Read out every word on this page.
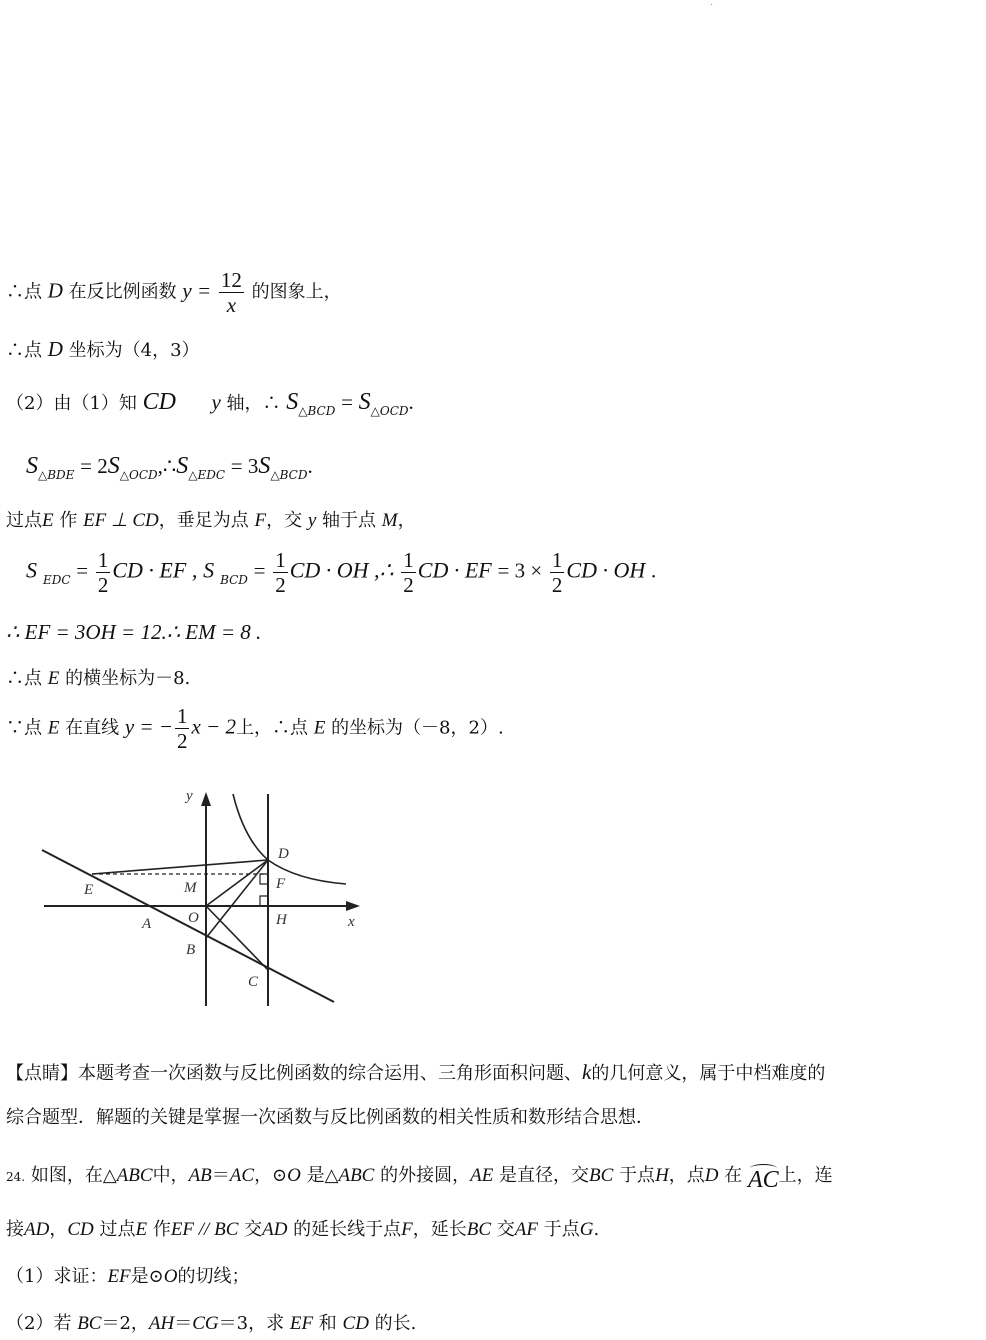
·
∴点 D 在反比例函数 $y = \frac{12}{x}$ 的图象上，
∴点 D 坐标为（4，3）
（2）由（1）知 CD y 轴，∴ $S_{\triangle BCD} = S_{\triangle OCD}$.
$S_{\triangle BDE}$ = $2S_{\triangle OCD},\therefore S_{\triangle EDC} = 3S_{\triangle BCD}$.
过点E 作 EF ⊥ CD，垂足为点 F，交 y 轴于点 M，
S $_{EDC} = \frac{1}{2}$ CD · EF , S $_{BCD} = \frac{1}{2}$ CD · OH ,∴ $\frac{1}{2}$ CD · EF = $3 \times \frac{1}{2}$ CD · OH .
∴ EF = 3OH = 12.∴ EM = 8 .
∴点 E 的横坐标为－8.
∵点 E 在直线 y = − $\frac{1}{2}$ x − 2上，∴点 E 的坐标为（－8，2）.
y
x
D
E	M	F
A O	H
B
C
【点睛】本题考查一次函数与反比例函数的综合运用、三角形面积问题、k的几何意义，属于中档难度的
综合题型．解题的关键是掌握一次函数与反比例函数的相关性质和数形结合思想．
24. 如图，在△ABC中，AB＝AC，⊙O 是△ABC 的外接圆，AE 是直径，交BC 于点H，点D 在 AC上，连
接AD，CD 过点E 作EF // BC 交AD 的延长线于点F，延长BC 交AF 于点G.
（1）求证：EF是⊙O的切线；
（2）若 BC＝2，AH＝CG＝3，求 EF 和 CD 的长.
